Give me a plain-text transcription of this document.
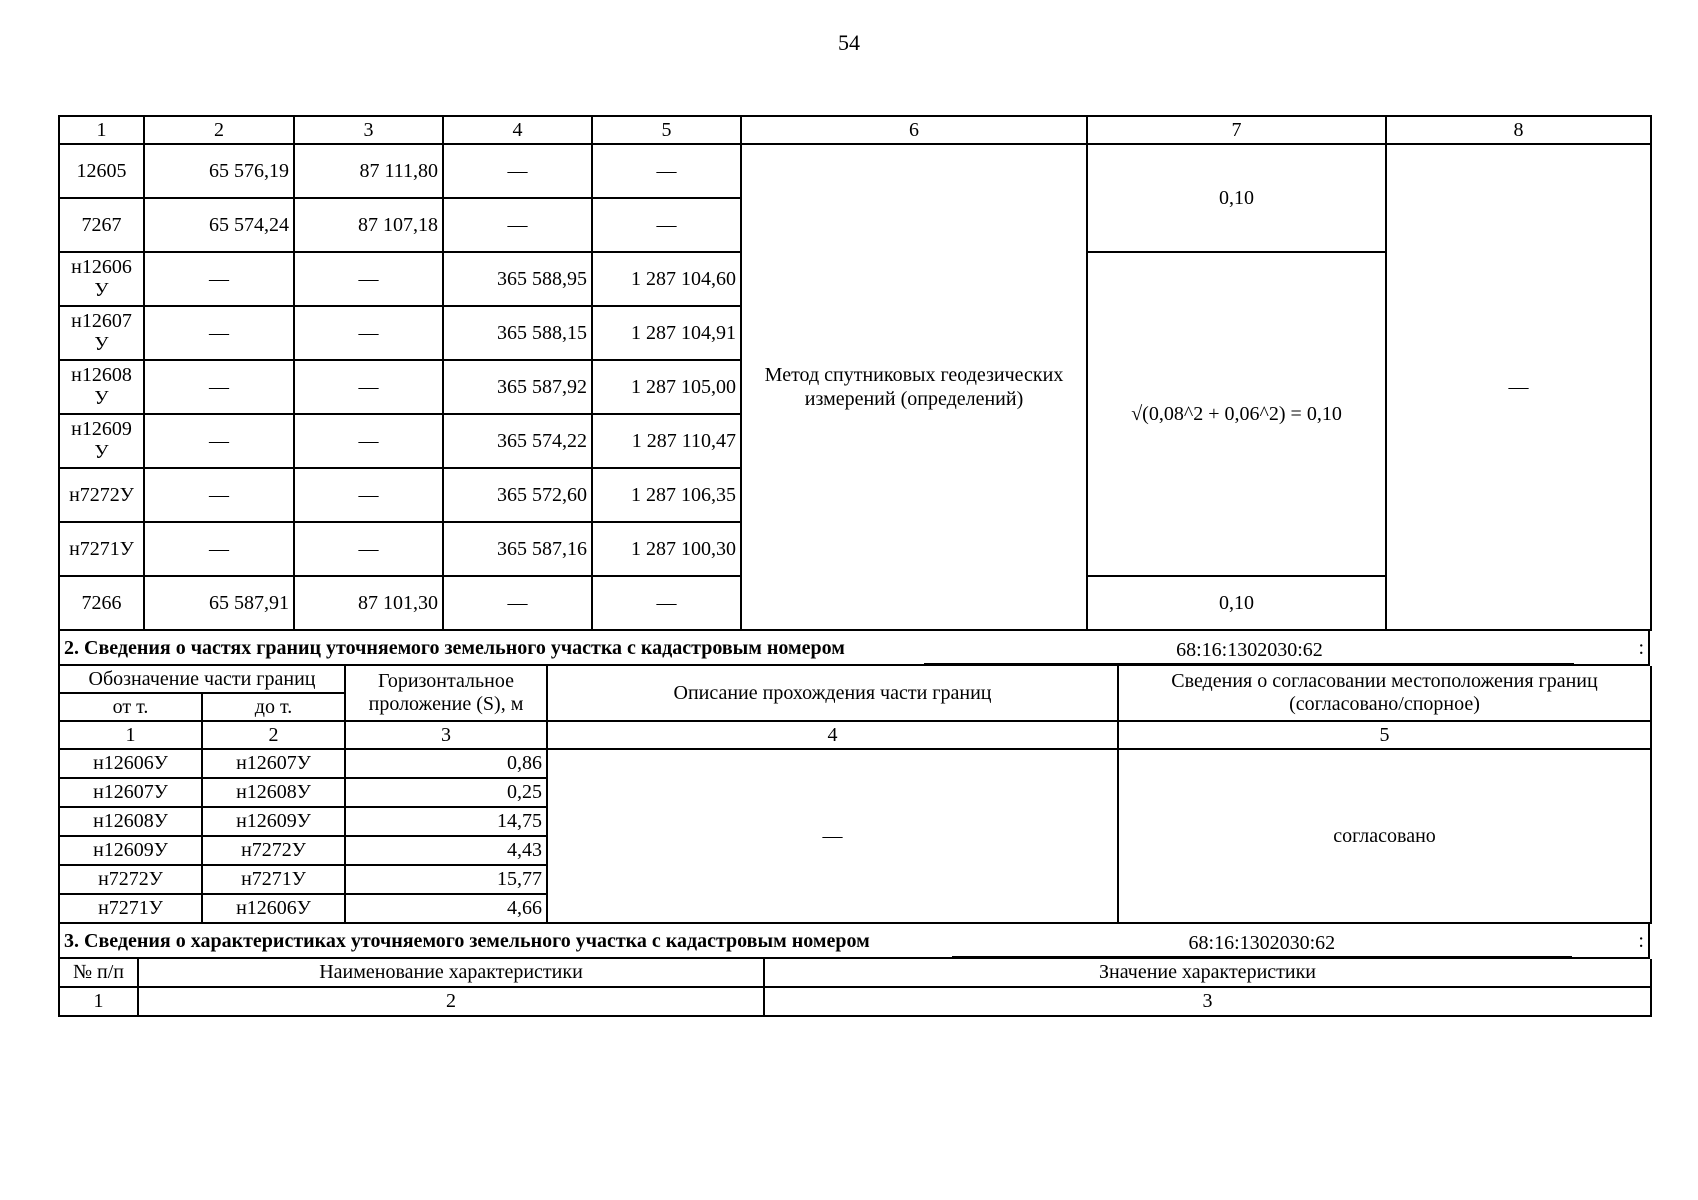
54
1	2	3	4	5	6	7	8
12605	65 576,19	87 111,80	—	—	Метод спутниковых геодезических измерений (определений)	0,10	—
7267	65 574,24	87 107,18	—	—			
н12606 У	—	—	365 588,95	1 287 104,60		√(0,08^2 + 0,06^2) = 0,10	
н12607 У	—	—	365 588,15	1 287 104,91			
н12608 У	—	—	365 587,92	1 287 105,00			
н12609 У	—	—	365 574,22	1 287 110,47			
н7272У	—	—	365 572,60	1 287 106,35			
н7271У	—	—	365 587,16	1 287 100,30			
7266	65 587,91	87 101,30	—	—		0,10	
2. Сведения о частях границ уточняемого земельного участка с кадастровым номером	68:16:1302030:62	:
Обозначение части границ		Горизонтальное проложение (S), м	Описание прохождения части границ	Сведения о согласовании местоположения границ (согласовано/спорное)
от т.	до т.			
1	2	3	4	5
н12606У	н12607У	0,86	—	согласовано
н12607У	н12608У	0,25		
н12608У	н12609У	14,75		
н12609У	н7272У	4,43		
н7272У	н7271У	15,77		
н7271У	н12606У	4,66		
3. Сведения о характеристиках уточняемого земельного участка с кадастровым номером	68:16:1302030:62	:
№ п/п	Наименование характеристики	Значение характеристики
1	2	3
